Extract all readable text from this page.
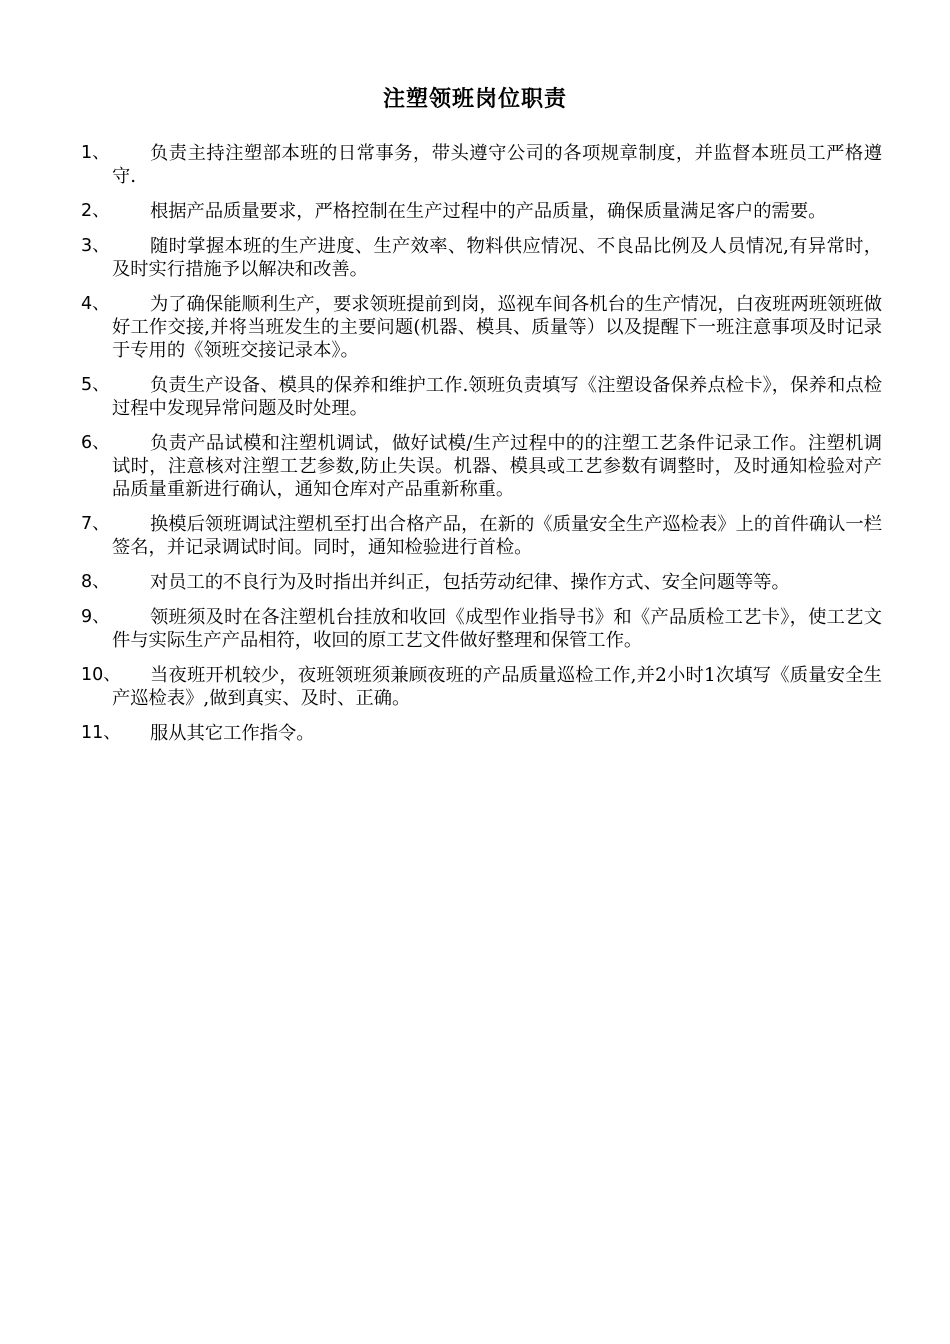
注塑领班岗位职责
1、	负责主持注塑部本班的日常事务，带头遵守公司的各项规章制度，并监督本班员工严格遵守.
2、	根据产品质量要求，严格控制在生产过程中的产品质量，确保质量满足客户的需要。
3、	随时掌握本班的生产进度、生产效率、物料供应情况、不良品比例及人员情况,有异常时，及时实行措施予以解决和改善。
4、	为了确保能顺利生产，要求领班提前到岗，巡视车间各机台的生产情况，白夜班两班领班做好工作交接,并将当班发生的主要问题(机器、模具、质量等）以及提醒下一班注意事项及时记录于专用的《领班交接记录本》。
5、	负责生产设备、模具的保养和维护工作.领班负责填写《注塑设备保养点检卡》，保养和点检过程中发现异常问题及时处理。
6、	负责产品试模和注塑机调试，做好试模/生产过程中的的注塑工艺条件记录工作。注塑机调试时，注意核对注塑工艺参数,防止失误。机器、模具或工艺参数有调整时，及时通知检验对产品质量重新进行确认，通知仓库对产品重新称重。
7、	换模后领班调试注塑机至打出合格产品，在新的《质量安全生产巡检表》上的首件确认一栏签名，并记录调试时间。同时，通知检验进行首检。
8、	对员工的不良行为及时指出并纠正，包括劳动纪律、操作方式、安全问题等等。
9、	领班须及时在各注塑机台挂放和收回《成型作业指导书》和《产品质检工艺卡》，使工艺文件与实际生产产品相符，收回的原工艺文件做好整理和保管工作。
10、	当夜班开机较少，夜班领班须兼顾夜班的产品质量巡检工作,并2小时1次填写《质量安全生产巡检表》,做到真实、及时、正确。
11、	服从其它工作指令。
